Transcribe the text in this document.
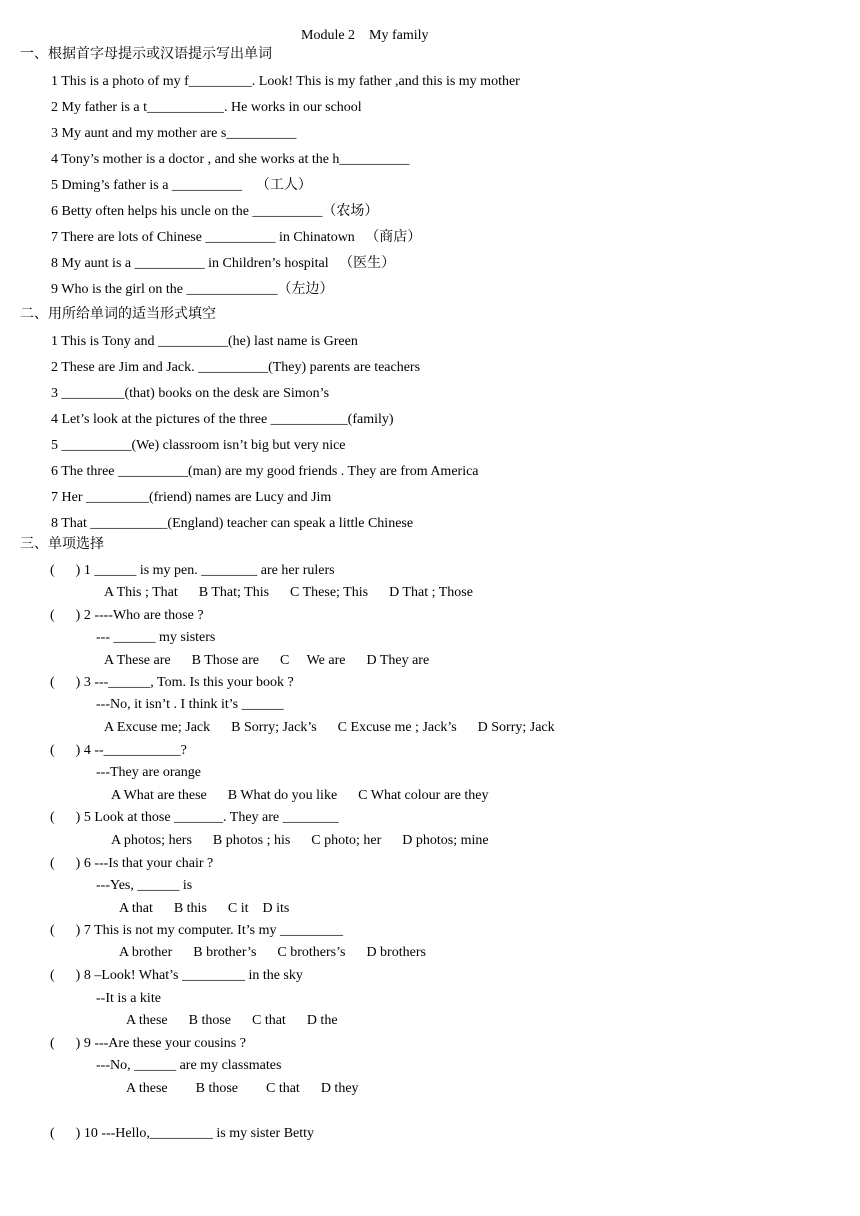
Module 2    My family
一、根据首字母提示或汉语提示写出单词
1 This is a photo of my f_________. Look! This is my father ,and this is my mother
2 My father is a t___________. He works in our school
3 My aunt and my mother are s__________
4 Tony’s mother is a doctor , and she works at the h__________
5 Dming’s father is a __________    （工人）
6 Betty often helps his uncle on the __________（农场）
7 There are lots of Chinese __________ in Chinatown   （商店）
8 My aunt is a __________ in Children’s hospital   （医生）
9 Who is the girl on the _____________（左边）
二、用所给单词的适当形式填空
1 This is Tony and __________(he) last name is Green
2 These are Jim and Jack. __________(They) parents are teachers
3 _________(that) books on the desk are Simon’s
4 Let’s look at the pictures of the three ___________(family)
5 __________(We) classroom isn’t big but very nice
6 The three __________(man) are my good friends . They are from America
7 Her _________(friend) names are Lucy and Jim
8 That ___________(England) teacher can speak a little Chinese
三、单项选择
(      ) 1 ______ is my pen. ________ are her rulers
A This ; That      B That; This      C These; This      D That ; Those
(      ) 2 ----Who are those ?
--- ______ my sisters
A These are      B Those are      C     We are      D They are
(      ) 3 ---______, Tom. Is this your book ?
---No, it isn’t . I think it’s ______
A Excuse me; Jack      B Sorry; Jack’s      C Excuse me ; Jack’s      D Sorry; Jack
(      ) 4 --___________?
---They are orange
A What are these      B What do you like      C What colour are they
(      ) 5 Look at those _______. They are ________
A photos; hers      B photos ; his      C photo; her      D photos; mine
(      ) 6 ---Is that your chair ?
---Yes, ______ is
A that      B this      C it    D its
(      ) 7 This is not my computer. It’s my _________
A brother      B brother’s      C brothers’s      D brothers
(      ) 8 –Look! What’s _________ in the sky
--It is a kite
A these      B those      C that      D the
(      ) 9 ---Are these your cousins ?
---No, ______ are my classmates
A these        B those        C that      D they
(      ) 10 ---Hello,_________ is my sister Betty
